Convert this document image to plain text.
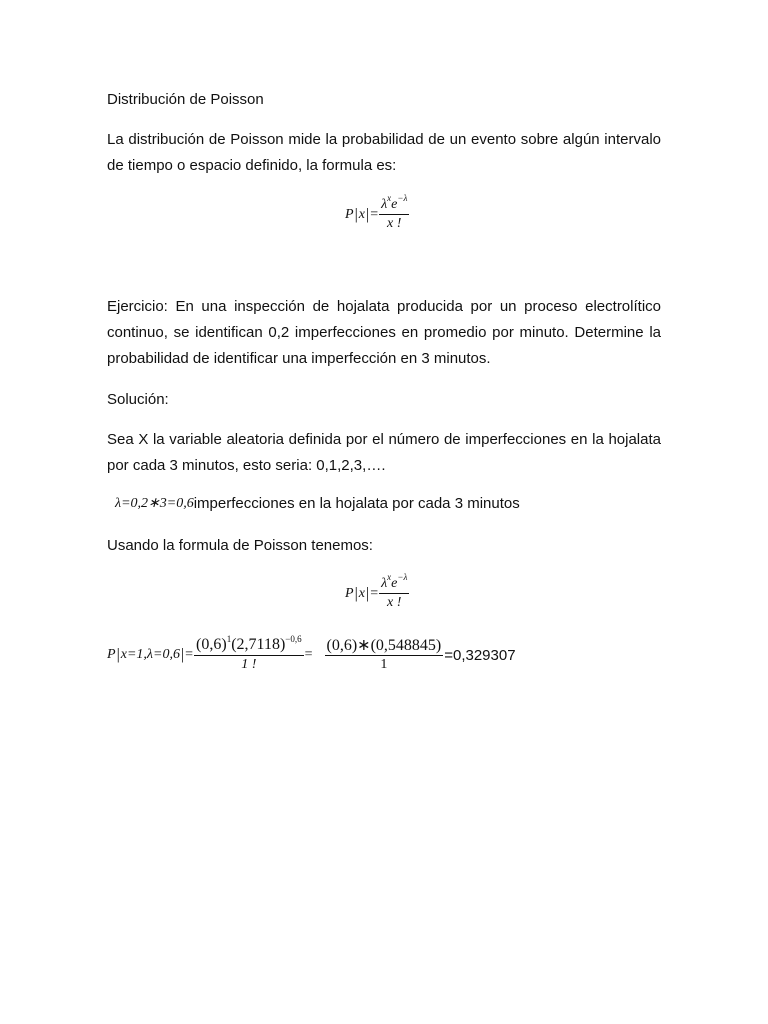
Distribución de Poisson

La distribución de Poisson mide la probabilidad de un evento sobre algún intervalo de tiempo o espacio definido, la formula es:

P | x | = $\frac{\lambda^xe^{-\lambda}}{x !}$

Ejercicio: En una inspección de hojalata producida por un proceso electrolítico continuo, se identifican 0,2 imperfecciones en promedio por minuto. Determine la probabilidad de identificar una imperfección en 3 minutos.

Solución:

Sea X la variable aleatoria definida por el número de imperfecciones en la hojalata por cada 3 minutos, esto seria: 0,1,2,3,….

λ=0,2∗3=0,6 imperfecciones en la hojalata por cada 3 minutos

Usando la formula de Poisson tenemos:

P | x | = $\frac{\lambda^xe^{-\lambda}}{x !}$
P | x=1,λ=0,6 | = $\frac{(0,6)^1(2,7118)^{-0,6}}{1 !} = \frac{(0,6)∗(0,548845)}{1} =0,329307$
